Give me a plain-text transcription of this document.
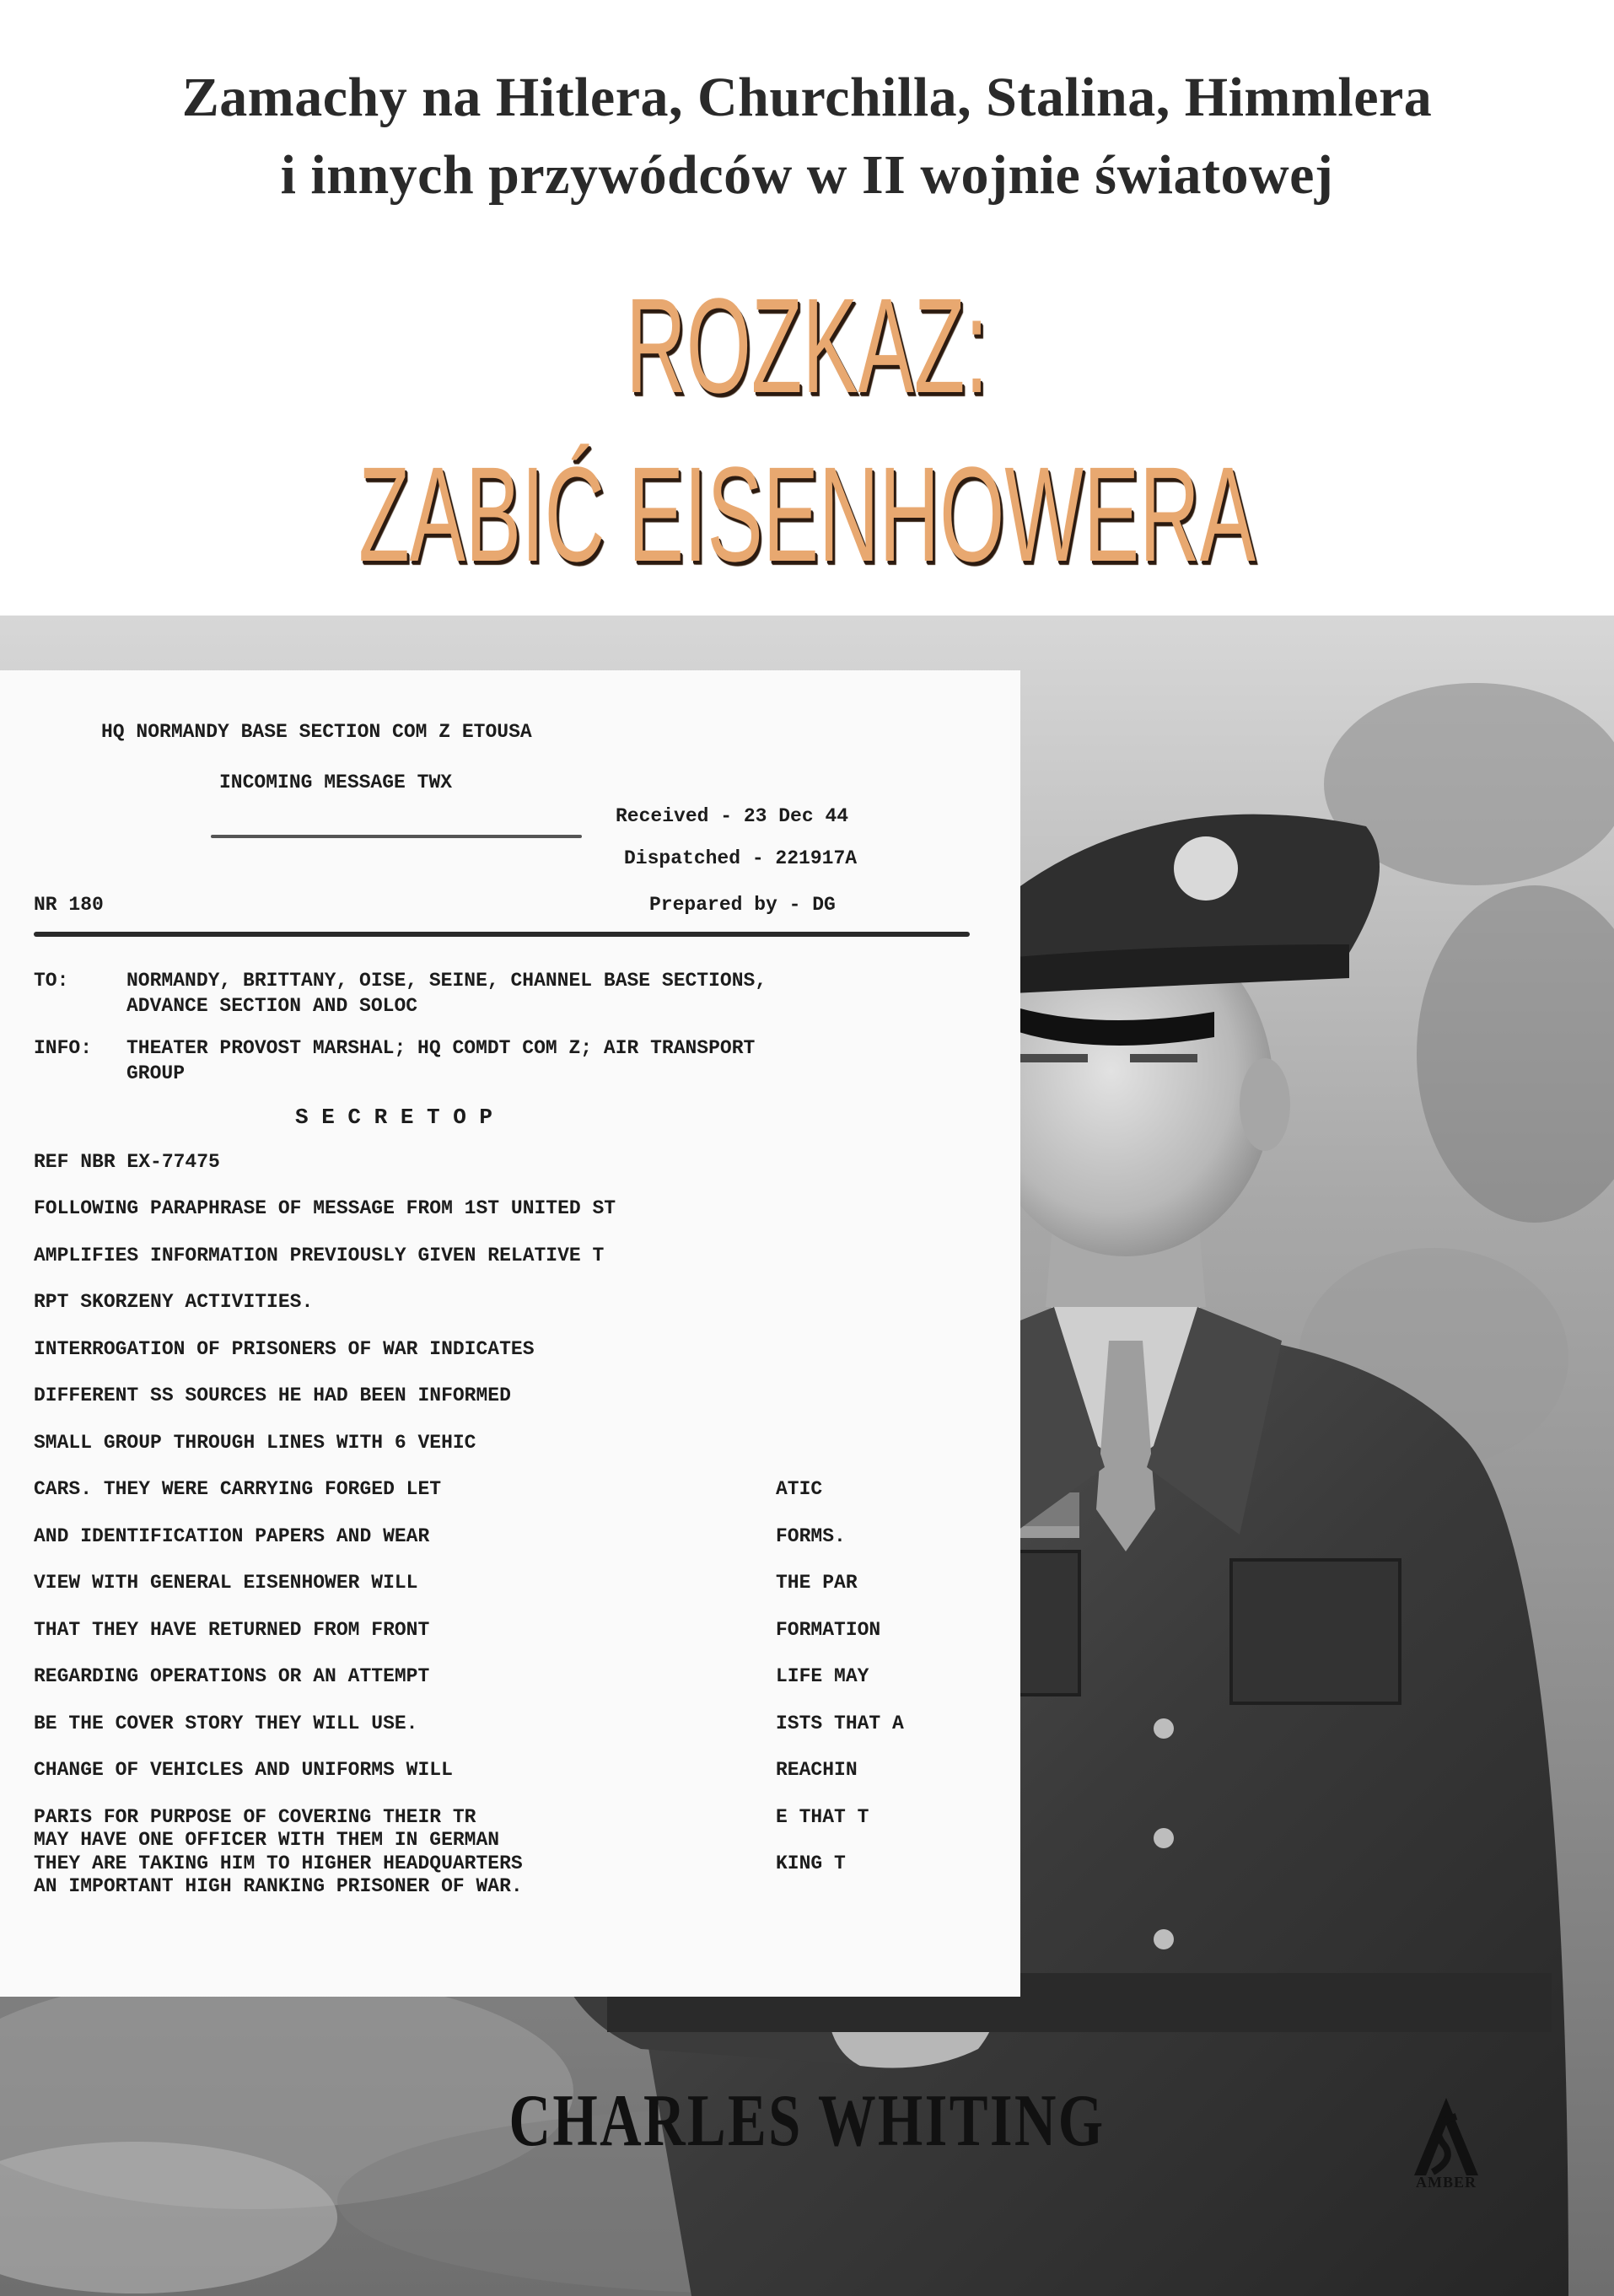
Zamachy na Hitlera, Churchilla, Stalina, Himmlera
i innych przywódców w II wojnie światowej
ROZKAZ:
ZABIĆ EISENHOWERA
HQ NORMANDY BASE SECTION COM Z ETOUSA
INCOMING MESSAGE TWX
Received - 23 Dec 44
Dispatched - 221917A
NR 180	Prepared by - DG
TO:	NORMANDY, BRITTANY, OISE, SEINE, CHANNEL BASE SECTIONS,
ADVANCE SECTION AND SOLOC
INFO: THEATER PROVOST MARSHAL; HQ COMDT COM Z; AIR TRANSPORT
GROUP
S E C R E T O P
REF NBR EX-77475
FOLLOWING PARAPHRASE OF MESSAGE FROM 1ST UNITED ST
AMPLIFIES INFORMATION PREVIOUSLY GIVEN RELATIVE T
RPT SKORZENY ACTIVITIES.
INTERROGATION OF PRISONERS OF WAR INDICATES
DIFFERENT SS SOURCES HE HAD BEEN INFORMED
SMALL GROUP THROUGH LINES WITH 6 VEHIC
CARS. THEY WERE CARRYING FORGED LET	ATIC
AND IDENTIFICATION PAPERS AND WEAR	FORMS.
VIEW WITH GENERAL EISENHOWER WILL	THE PAR
THAT THEY HAVE RETURNED FROM FRONT	FORMATION
REGARDING OPERATIONS OR AN ATTEMPT	LIFE MAY
BE THE COVER STORY THEY WILL USE.	ISTS THAT A
CHANGE OF VEHICLES AND UNIFORMS WILL	REACHIN
PARIS FOR PURPOSE OF COVERING THEIR TR	E THAT T
MAY HAVE ONE OFFICER WITH THEM IN GERMAN
THEY ARE TAKING HIM TO HIGHER HEADQUARTERS	KING T
AN IMPORTANT HIGH RANKING PRISONER OF WAR.
CHARLES WHITING
AMBER
